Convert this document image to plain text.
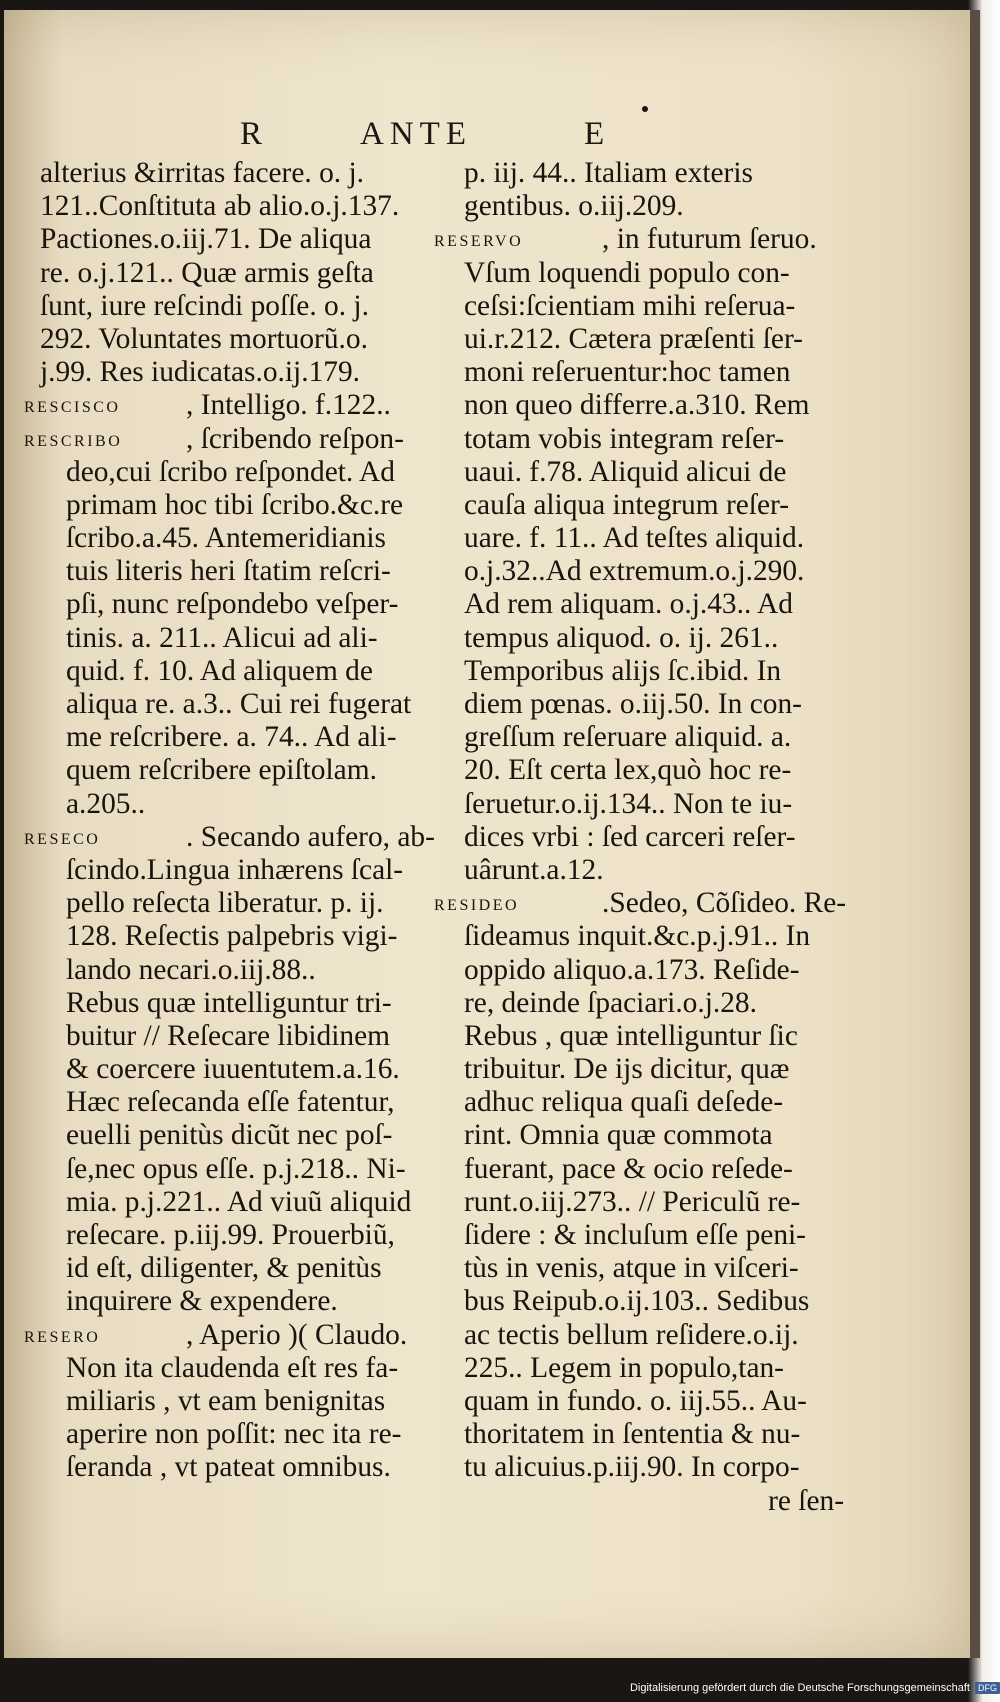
R	ANTE	E
alterius &irritas facere. o. j.
121..Conſtituta ab alio.o.j.137.
Pactiones.o.iij.71. De aliqua
re. o.j.121.. Quæ armis geſta
ſunt, iure reſcindi poſſe. o. j.
292. Voluntates mortuorũ.o.
j.99. Res iudicatas.o.ij.179.
RESCISCO , Intelligo. f.122..
RESCRIBO , ſcribendo reſpon-
deo,cui ſcribo reſpondet. Ad
primam hoc tibi ſcribo.&c.re
ſcribo.a.45. Antemeridianis
tuis literis heri ſtatim reſcri-
pſi, nunc reſpondebo veſper-
tinis. a. 211.. Alicui ad ali-
quid. f. 10. Ad aliquem de
aliqua re. a.3.. Cui rei fugerat
me reſcribere. a. 74.. Ad ali-
quem reſcribere epiſtolam.
a.205..
RESECO	. Secando aufero, ab-
ſcindo.Lingua inhærens ſcal-
pello reſecta liberatur. p. ij.
128. Reſectis palpebris vigi-
lando necari.o.iij.88..
Rebus quæ intelliguntur tri-
buitur // Reſecare libidinem
& coercere iuuentutem.a.16.
Hæc reſecanda eſſe fatentur,
euelli penitùs dicũt nec poſ-
ſe,nec opus eſſe. p.j.218.. Ni-
mia. p.j.221.. Ad viuũ aliquid
reſecare. p.iij.99. Prouerbiũ,
id eſt, diligenter, & penitùs
inquirere & expendere.
RESERO	, Aperio )( Claudo.
Non ita claudenda eſt res fa-
miliaris , vt eam benignitas
aperire non poſſit: nec ita re-
ſeranda , vt pateat omnibus.
p. iij. 44.. Italiam exteris
gentibus. o.iij.209.
RESERVO	, in futurum ſeruo.
Vſum loquendi populo con-
ceſsi:ſcientiam mihi reſerua-
ui.r.212. Cætera præſenti ſer-
moni reſeruentur:hoc tamen
non queo differre.a.310. Rem
totam vobis integram reſer-
uaui. f.78. Aliquid alicui de
cauſa aliqua integrum reſer-
uare. f. 11.. Ad teſtes aliquid.
o.j.32..Ad extremum.o.j.290.
Ad rem aliquam. o.j.43.. Ad
tempus aliquod. o. ij. 261..
Temporibus alijs ſc.ibid. In
diem pœnas. o.iij.50. In con-
greſſum reſeruare aliquid. a.
20. Eſt certa lex,quò hoc re-
ſeruetur.o.ij.134.. Non te iu-
dices vrbi : ſed carceri reſer-
uârunt.a.12.
RESIDEO	.Sedeo, Cõſideo. Re-
ſideamus inquit.&c.p.j.91.. In
oppido aliquo.a.173. Reſide-
re, deinde ſpaciari.o.j.28.
Rebus , quæ intelliguntur ſic
tribuitur. De ijs dicitur, quæ
adhuc reliqua quaſi deſede-
rint. Omnia quæ commota
fuerant, pace & ocio reſede-
runt.o.iij.273.. // Periculũ re-
ſidere : & incluſum eſſe peni-
tùs in venis, atque in viſceri-
bus Reipub.o.ij.103.. Sedibus
ac tectis bellum reſidere.o.ij.
225.. Legem in populo,tan-
quam in fundo. o. iij.55.. Au-
thoritatem in ſententia & nu-
tu alicuius.p.iij.90. In corpo-
re ſen-
Digitalisierung gefördert durch die Deutsche Forschungsgemeinschaft DFG
